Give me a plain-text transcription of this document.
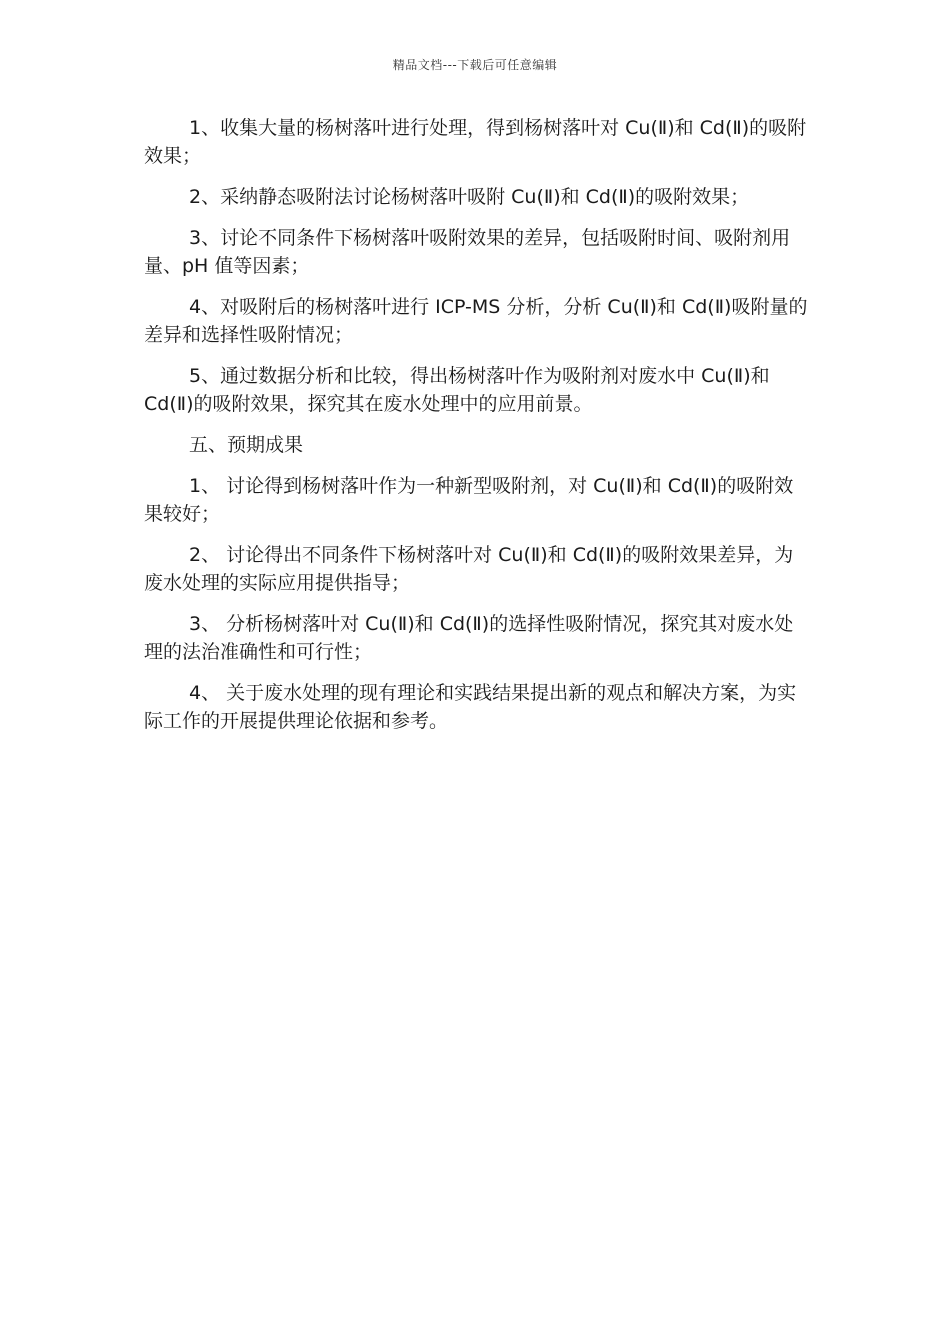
精品文档---下载后可任意编辑

1、收集大量的杨树落叶进行处理，得到杨树落叶对 Cu(Ⅱ)和 Cd(Ⅱ)的吸附效果；

2、采纳静态吸附法讨论杨树落叶吸附 Cu(Ⅱ)和 Cd(Ⅱ)的吸附效果；

3、讨论不同条件下杨树落叶吸附效果的差异，包括吸附时间、吸附剂用量、pH 值等因素；

4、对吸附后的杨树落叶进行 ICP-MS 分析，分析 Cu(Ⅱ)和 Cd(Ⅱ)吸附量的差异和选择性吸附情况；

5、通过数据分析和比较，得出杨树落叶作为吸附剂对废水中 Cu(Ⅱ)和 Cd(Ⅱ)的吸附效果，探究其在废水处理中的应用前景。

五、预期成果

1、 讨论得到杨树落叶作为一种新型吸附剂，对 Cu(Ⅱ)和 Cd(Ⅱ)的吸附效果较好；

2、 讨论得出不同条件下杨树落叶对 Cu(Ⅱ)和 Cd(Ⅱ)的吸附效果差异，为废水处理的实际应用提供指导；

3、 分析杨树落叶对 Cu(Ⅱ)和 Cd(Ⅱ)的选择性吸附情况，探究其对废水处理的法治准确性和可行性；

4、 关于废水处理的现有理论和实践结果提出新的观点和解决方案，为实际工作的开展提供理论依据和参考。
